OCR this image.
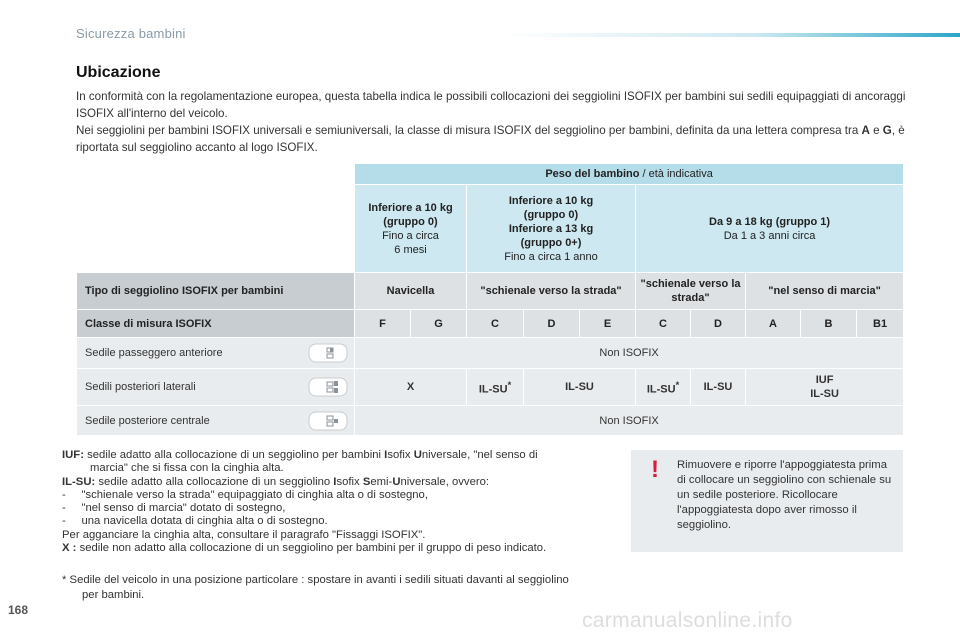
Sicurezza bambini
Ubicazione

In conformità con la regolamentazione europea, questa tabella indica le possibili collocazioni dei seggiolini ISOFIX per bambini sui sedili equipaggiati di ancoraggi ISOFIX all'interno del veicolo.

Nei seggiolini per bambini ISOFIX universali e semiuniversali, la classe di misura ISOFIX del seggiolino per bambini, definita da una lettera compresa tra A e G, è riportata sul seggiolino accanto al logo ISOFIX.

	Peso del bambino / età indicativa									
	Inferiore a 10 kg
(gruppo 0)
Fino a circa
6 mesi		Inferiore a 10 kg
(gruppo 0)
Inferiore a 13 kg
(gruppo 0+)
Fino a circa 1 anno			Da 9 a 18 kg (gruppo 1)
Da 1 a 3 anni circa				
Tipo di seggiolino ISOFIX per bambini	Navicella		"schienale verso la strada"			"schienale verso la strada"		"nel senso di marcia"		
Classe di misura ISOFIX	F	G	C	D	E	C	D	A	B	B1
Sedile passeggero anteriore	Non ISOFIX									
Sedili posteriori laterali	X		IL-SU*	IL-SU		IL-SU*	IL-SU	IUF
IL-SU		
Sedile posteriore centrale	Non ISOFIX									

IUF: sedile adatto alla collocazione di un seggiolino per bambini Isofix Universale, "nel senso di

marcia" che si fissa con la cinghia alta.

IL-SU: sedile adatto alla collocazione di un seggiolino Isofix Semi-Universale, ovvero:

-     "schienale verso la strada" equipaggiato di cinghia alta o di sostegno,

-     "nel senso di marcia" dotato di sostegno,

-     una navicella dotata di cinghia alta o di sostegno.

Per agganciare la cinghia alta, consultare il paragrafo "Fissaggi ISOFIX".

X : sedile non adatto alla collocazione di un seggiolino per bambini per il gruppo di peso indicato.

! Rimuovere e riporre l'appoggiatesta prima di collocare un seggiolino con schienale su un sedile posteriore. Ricollocare l'appoggiatesta dopo aver rimosso il seggiolino.

* Sedile del veicolo in una posizione particolare : spostare in avanti i sedili situati davanti al seggiolino

per bambini.

168	carmanualsonline.info
